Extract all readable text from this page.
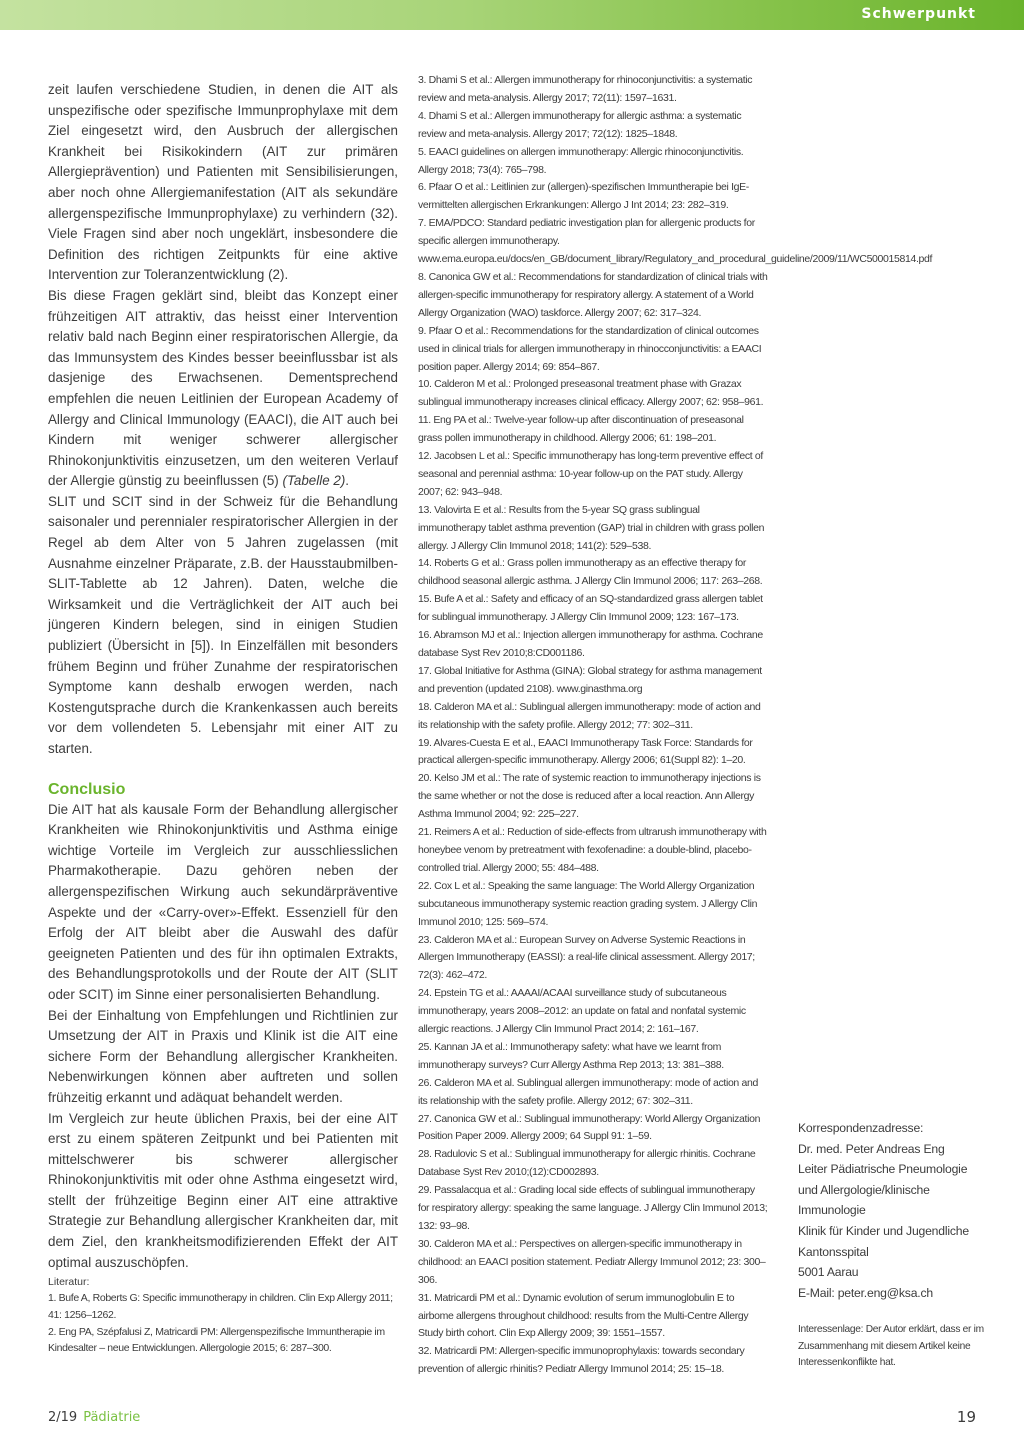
Schwerpunkt

zeit laufen verschiedene Studien, in denen die AIT als unspezifische oder spezifische Immunprophylaxe mit dem Ziel eingesetzt wird, den Ausbruch der allergischen Krankheit bei Risikokindern (AIT zur primären Allergieprävention) und Patienten mit Sensibilisierungen, aber noch ohne Allergiemanifestation (AIT als sekundäre allergenspezifische Immunprophylaxe) zu verhindern (32). Viele Fragen sind aber noch ungeklärt, insbesondere die Definition des richtigen Zeitpunkts für eine aktive Intervention zur Toleranzentwicklung (2).

Bis diese Fragen geklärt sind, bleibt das Konzept einer frühzeitigen AIT attraktiv, das heisst einer Intervention relativ bald nach Beginn einer respiratorischen Allergie, da das Immunsystem des Kindes besser beeinflussbar ist als dasjenige des Erwachsenen. Dementsprechend empfehlen die neuen Leitlinien der European Academy of Allergy and Clinical Immunology (EAACI), die AIT auch bei Kindern mit weniger schwerer allergischer Rhinokonjunktivitis einzusetzen, um den weiteren Verlauf der Allergie günstig zu beeinflussen (5) (Tabelle 2).

SLIT und SCIT sind in der Schweiz für die Behandlung saisonaler und perennialer respiratorischer Allergien in der Regel ab dem Alter von 5 Jahren zugelassen (mit Ausnahme einzelner Präparate, z.B. der Hausstaubmilben-SLIT-Tablette ab 12 Jahren). Daten, welche die Wirksamkeit und die Verträglichkeit der AIT auch bei jüngeren Kindern belegen, sind in einigen Studien publiziert (Übersicht in [5]). In Einzelfällen mit besonders frühem Beginn und früher Zunahme der respiratorischen Symptome kann deshalb erwogen werden, nach Kostengutsprache durch die Krankenkassen auch bereits vor dem vollendeten 5. Lebensjahr mit einer AIT zu starten.

Conclusio

Die AIT hat als kausale Form der Behandlung allergischer Krankheiten wie Rhinokonjunktivitis und Asthma einige wichtige Vorteile im Vergleich zur ausschliesslichen Pharmakotherapie. Dazu gehören neben der allergenspezifischen Wirkung auch sekundärpräventive Aspekte und der «Carry-over»-Effekt. Essenziell für den Erfolg der AIT bleibt aber die Auswahl des dafür geeigneten Patienten und des für ihn optimalen Extrakts, des Behandlungsprotokolls und der Route der AIT (SLIT oder SCIT) im Sinne einer personalisierten Behandlung.

Bei der Einhaltung von Empfehlungen und Richtlinien zur Umsetzung der AIT in Praxis und Klinik ist die AIT eine sichere Form der Behandlung allergischer Krankheiten. Nebenwirkungen können aber auftreten und sollen frühzeitig erkannt und adäquat behandelt werden.

Im Vergleich zur heute üblichen Praxis, bei der eine AIT erst zu einem späteren Zeitpunkt und bei Patienten mit mittelschwerer bis schwerer allergischer Rhinokonjunktivitis mit oder ohne Asthma eingesetzt wird, stellt der frühzeitige Beginn einer AIT eine attraktive Strategie zur Behandlung allergischer Krankheiten dar, mit dem Ziel, den krankheitsmodifizierenden Effekt der AIT optimal auszuschöpfen.

Literatur:
1. Bufe A, Roberts G: Specific immunotherapy in children. Clin Exp Allergy 2011; 41: 1256–1262.
2. Eng PA, Szépfalusi Z, Matricardi PM: Allergenspezifische Immuntherapie im Kindesalter – neue Entwicklungen. Allergologie 2015; 6: 287–300.
3. Dhami S et al.: Allergen immunotherapy for rhinoconjunctivitis: a systematic review and meta-analysis. Allergy 2017; 72(11): 1597–1631.
4. Dhami S et al.: Allergen immunotherapy for allergic asthma: a systematic review and meta-analysis. Allergy 2017; 72(12): 1825–1848.
5. EAACI guidelines on allergen immunotherapy: Allergic rhinoconjunctivitis. Allergy 2018; 73(4): 765–798.
6. Pfaar O et al.: Leitlinien zur (allergen)-spezifischen Immuntherapie bei IgE-vermittelten allergischen Erkrankungen: Allergo J Int 2014; 23: 282–319.
7. EMA/PDCO: Standard pediatric investigation plan for allergenic products for specific allergen immunotherapy. www.ema.europa.eu/docs/en_GB/document_library/Regulatory_and_procedural_guideline/2009/11/WC500015814.pdf
8. Canonica GW et al.: Recommendations for standardization of clinical trials with allergen-specific immunotherapy for respiratory allergy. A statement of a World Allergy Organization (WAO) taskforce. Allergy 2007; 62: 317–324.
9. Pfaar O et al.: Recommendations for the standardization of clinical outcomes used in clinical trials for allergen immunotherapy in rhinocconjunctivitis: a EAACI position paper. Allergy 2014; 69: 854–867.
10. Calderon M et al.: Prolonged preseasonal treatment phase with Grazax sublingual immunotherapy increases clinical efficacy. Allergy 2007; 62: 958–961.
11. Eng PA et al.: Twelve-year follow-up after discontinuation of preseasonal grass pollen immunotherapy in childhood. Allergy 2006; 61: 198–201.
12. Jacobsen L et al.: Specific immunotherapy has long-term preventive effect of seasonal and perennial asthma: 10-year follow-up on the PAT study. Allergy 2007; 62: 943–948.
13. Valovirta E et al.: Results from the 5-year SQ grass sublingual immunotherapy tablet asthma prevention (GAP) trial in children with grass pollen allergy. J Allergy Clin Immunol 2018; 141(2): 529–538.
14. Roberts G et al.: Grass pollen immunotherapy as an effective therapy for childhood seasonal allergic asthma. J Allergy Clin Immunol 2006; 117: 263–268.
15. Bufe A et al.: Safety and efficacy of an SQ-standardized grass allergen tablet for sublingual immunotherapy. J Allergy Clin Immunol 2009; 123: 167–173.
16. Abramson MJ et al.: Injection allergen immunotherapy for asthma. Cochrane database Syst Rev 2010;8:CD001186.
17. Global Initiative for Asthma (GINA): Global strategy for asthma management and prevention (updated 2108). www.ginasthma.org
18. Calderon MA et al.: Sublingual allergen immunotherapy: mode of action and its relationship with the safety profile. Allergy 2012; 77: 302–311.
19. Alvares-Cuesta E et al., EAACI Immunotherapy Task Force: Standards for practical allergen-specific immunotherapy. Allergy 2006; 61(Suppl 82): 1–20.
20. Kelso JM et al.: The rate of systemic reaction to immunotherapy injections is the same whether or not the dose is reduced after a local reaction. Ann Allergy Asthma Immunol 2004; 92: 225–227.
21. Reimers A et al.: Reduction of side-effects from ultrarush immunotherapy with honeybee venom by pretreatment with fexofenadine: a double-blind, placebo-controlled trial. Allergy 2000; 55: 484–488.
22. Cox L et al.: Speaking the same language: The World Allergy Organization subcutaneous immunotherapy systemic reaction grading system. J Allergy Clin Immunol 2010; 125: 569–574.
23. Calderon MA et al.: European Survey on Adverse Systemic Reactions in Allergen Immunotherapy (EASSI): a real-life clinical assessment. Allergy 2017; 72(3): 462–472.
24. Epstein TG et al.: AAAAI/ACAAI surveillance study of subcutaneous immunotherapy, years 2008–2012: an update on fatal and nonfatal systemic allergic reactions. J Allergy Clin Immunol Pract 2014; 2: 161–167.
25. Kannan JA et al.: Immunotherapy safety: what have we learnt from immunotherapy surveys? Curr Allergy Asthma Rep 2013; 13: 381–388.
26. Calderon MA et al. Sublingual allergen immunotherapy: mode of action and its relationship with the safety profile. Allergy 2012; 67: 302–311.
27. Canonica GW et al.: Sublingual immunotherapy: World Allergy Organization Position Paper 2009. Allergy 2009; 64 Suppl 91: 1–59.
28. Radulovic S et al.: Sublingual immunotherapy for allergic rhinitis. Cochrane Database Syst Rev 2010;(12):CD002893.
29. Passalacqua et al.: Grading local side effects of sublingual immunotherapy for respiratory allergy: speaking the same language. J Allergy Clin Immunol 2013; 132: 93–98.
30. Calderon MA et al.: Perspectives on allergen-specific immunotherapy in childhood: an EAACI position statement. Pediatr Allergy Immunol 2012; 23: 300–306.
31. Matricardi PM et al.: Dynamic evolution of serum immunoglobulin E to airbome allergens throughout childhood: results from the Multi-Centre Allergy Study birth cohort. Clin Exp Allergy 2009; 39: 1551–1557.
32. Matricardi PM: Allergen-specific immunoprophylaxis: towards secondary prevention of allergic rhinitis? Pediatr Allergy Immunol 2014; 25: 15–18.
Korrespondenzadresse:
Dr. med. Peter Andreas Eng
Leiter Pädiatrische Pneumologie
und Allergologie/klinische
Immunologie
Klinik für Kinder und Jugendliche
Kantonsspital
5001 Aarau
E-Mail: peter.eng@ksa.ch
Interessenlage: Der Autor erklärt, dass er im Zusammenhang mit diesem Artikel keine Interessenkonflikte hat.
2/19 Pädiatrie	19
